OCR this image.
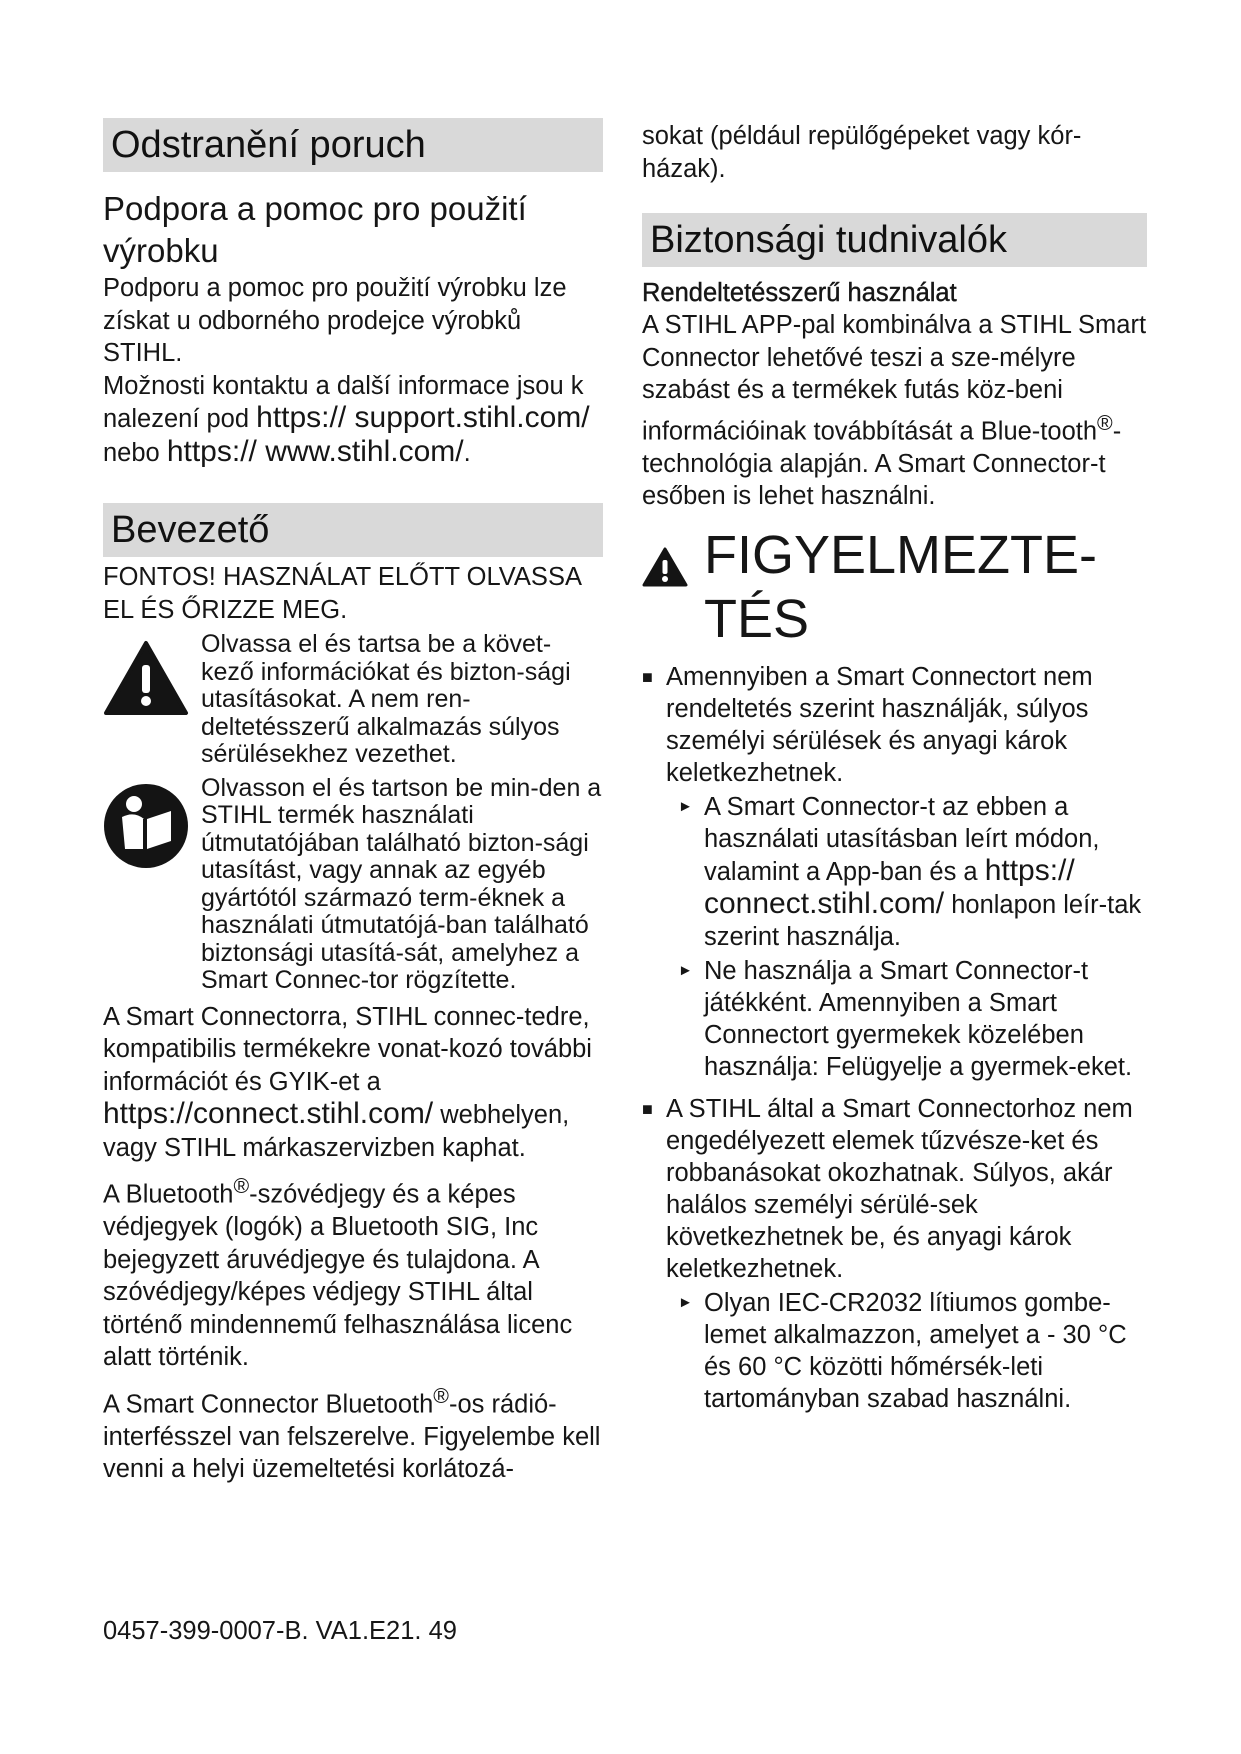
Odstranění poruch
Podpora a pomoc pro použití výrobku

Podporu a pomoc pro použití výrobku lze získat u odborného prodejce výrobků STIHL.

Možnosti kontaktu a další informace jsou k nalezení pod https:// support.stihl.com/ nebo https:// www.stihl.com/.

Bevezető

FONTOS! HASZNÁLAT ELŐTT OLVASSA EL ÉS ŐRIZZE MEG.

Olvassa el és tartsa be a követ-kező információkat és bizton-sági utasításokat. A nem ren-deltetésszerű alkalmazás súlyos sérülésekhez vezethet.
Olvasson el és tartson be min-den a STIHL termék használati útmutatójában található bizton-sági utasítást, vagy annak az egyéb gyártótól származó term-éknek a használati útmutatójá-ban található biztonsági utasítá-sát, amelyhez a Smart Connec-tor rögzítette.

A Smart Connectorra, STIHL connec-tedre, kompatibilis termékekre vonat-kozó további információt és GYIK-et a https://connect.stihl.com/ webhelyen, vagy STIHL márkaszervizben kaphat.

A Bluetooth®-szóvédjegy és a képes védjegyek (logók) a Bluetooth SIG, Inc bejegyzett áruvédjegye és tulajdona. A szóvédjegy/képes védjegy STIHL által történő mindennemű felhasználása licenc alatt történik.

A Smart Connector Bluetooth®-os rádió-interfésszel van felszerelve. Figyelembe kell venni a helyi üzemeltetési korlátozá-

sokat (például repülőgépeket vagy kór-házak).

Biztonsági tudnivalók

Rendeltetésszerű használat

A STIHL APP-pal kombinálva a STIHL Smart Connector lehetővé teszi a sze-mélyre szabást és a termékek futás köz-beni információinak továbbítását a Blue-tooth®-technológia alapján. A Smart Connector-t esőben is lehet használni.

FIGYELMEZTE-TÉS
■ Amennyiben a Smart Connectort nem rendeltetés szerint használják, súlyos személyi sérülések és anyagi károk keletkezhetnek.
► A Smart Connector-t az ebben a használati utasításban leírt módon, valamint a App-ban és a https:// connect.stihl.com/ honlapon leír-tak szerint használja.
► Ne használja a Smart Connector-t játékként. Amennyiben a Smart Connectort gyermekek közelében használja: Felügyelje a gyermek-eket.
■ A STIHL által a Smart Connectorhoz nem engedélyezett elemek tűzvésze-ket és robbanásokat okozhatnak. Súlyos, akár halálos személyi sérülé-sek következhetnek be, és anyagi károk keletkezhetnek.
► Olyan IEC-CR2032 lítiumos gombe-lemet alkalmazzon, amelyet a - 30 °C és 60 °C közötti hőmérsék-leti tartományban szabad használni.
0457-399-0007-B. VA1.E21. 49
